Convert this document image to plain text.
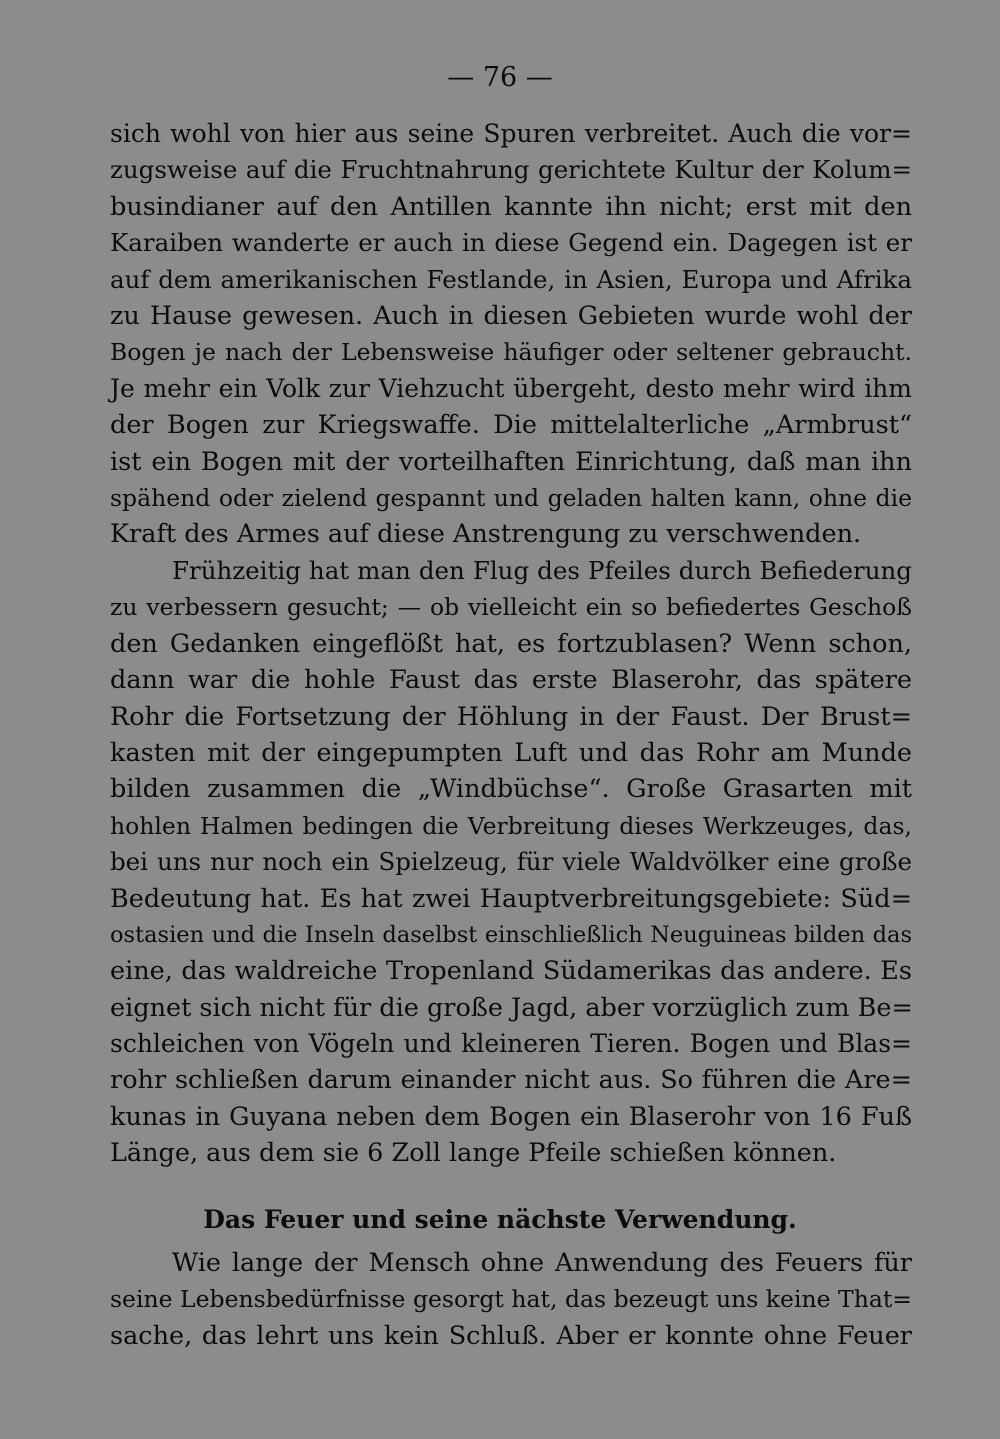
— 76 —
sich wohl von hier aus seine Spuren verbreitet. Auch die vor=
zugsweise auf die Fruchtnahrung gerichtete Kultur der Kolum=
busindianer auf den Antillen kannte ihn nicht; erst mit den
Karaiben wanderte er auch in diese Gegend ein. Dagegen ist er
auf dem amerikanischen Festlande, in Asien, Europa und Afrika
zu Hause gewesen. Auch in diesen Gebieten wurde wohl der
Bogen je nach der Lebensweise häufiger oder seltener gebraucht.
Je mehr ein Volk zur Viehzucht übergeht, desto mehr wird ihm
der Bogen zur Kriegswaffe. Die mittelalterliche „Armbrust“
ist ein Bogen mit der vorteilhaften Einrichtung, daß man ihn
spähend oder zielend gespannt und geladen halten kann, ohne die
Kraft des Armes auf diese Anstrengung zu verschwenden.
Frühzeitig hat man den Flug des Pfeiles durch Befiederung
zu verbessern gesucht; — ob vielleicht ein so befiedertes Geschoß
den Gedanken eingeflößt hat, es fortzublasen? Wenn schon,
dann war die hohle Faust das erste Blaserohr, das spätere
Rohr die Fortsetzung der Höhlung in der Faust. Der Brust=
kasten mit der eingepumpten Luft und das Rohr am Munde
bilden zusammen die „Windbüchse“. Große Grasarten mit
hohlen Halmen bedingen die Verbreitung dieses Werkzeuges, das,
bei uns nur noch ein Spielzeug, für viele Waldvölker eine große
Bedeutung hat. Es hat zwei Hauptverbreitungsgebiete: Süd=
ostasien und die Inseln daselbst einschließlich Neuguineas bilden das
eine, das waldreiche Tropenland Südamerikas das andere. Es
eignet sich nicht für die große Jagd, aber vorzüglich zum Be=
schleichen von Vögeln und kleineren Tieren. Bogen und Blas=
rohr schließen darum einander nicht aus. So führen die Are=
kunas in Guyana neben dem Bogen ein Blaserohr von 16 Fuß
Länge, aus dem sie 6 Zoll lange Pfeile schießen können.
Das Feuer und seine nächste Verwendung.
Wie lange der Mensch ohne Anwendung des Feuers für
seine Lebensbedürfnisse gesorgt hat, das bezeugt uns keine That=
sache, das lehrt uns kein Schluß. Aber er konnte ohne Feuer
